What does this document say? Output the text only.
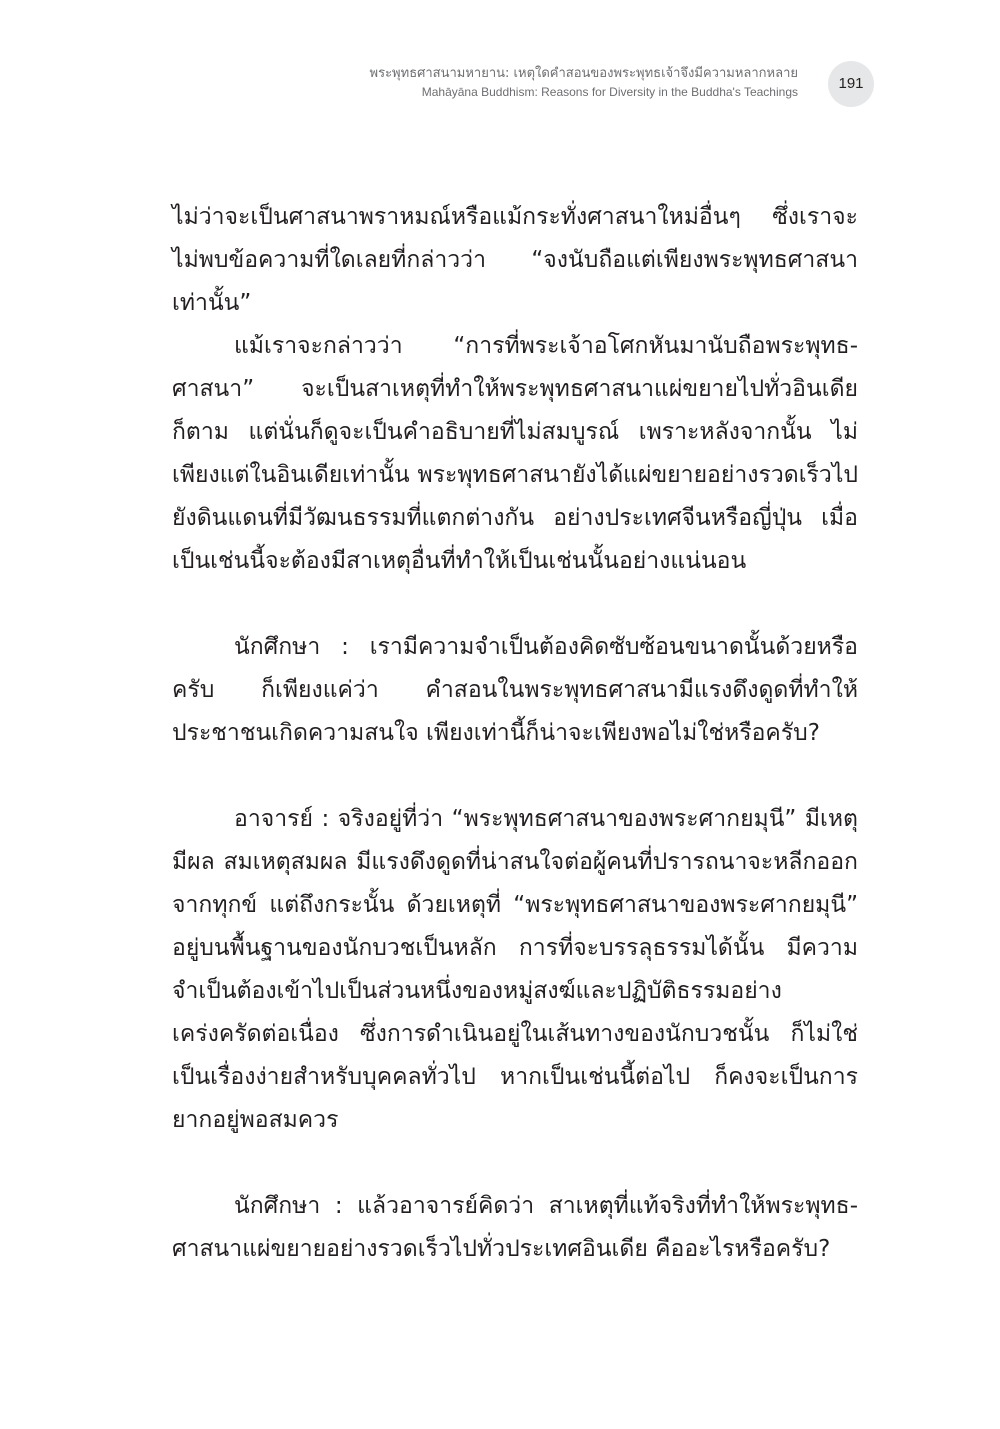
พระพุทธศาสนามหายาน: เหตุใดคำสอนของพระพุทธเจ้าจึงมีความหลากหลาย
Mahāyāna Buddhism: Reasons for Diversity in the Buddha's Teachings	191

ไม่ว่าจะเป็นศาสนาพราหมณ์หรือแม้กระทั่งศาสนาใหม่อื่นๆ ซึ่งเราจะไม่พบข้อความที่ใดเลยที่กล่าวว่า “จงนับถือแต่เพียงพระพุทธศาสนาเท่านั้น”

แม้เราจะกล่าวว่า “การที่พระเจ้าอโศกหันมานับถือพระพุทธ-ศาสนา” จะเป็นสาเหตุที่ทำให้พระพุทธศาสนาแผ่ขยายไปทั่วอินเดียก็ตาม แต่นั่นก็ดูจะเป็นคำอธิบายที่ไม่สมบูรณ์ เพราะหลังจากนั้น ไม่เพียงแต่ในอินเดียเท่านั้น พระพุทธศาสนายังได้แผ่ขยายอย่างรวดเร็วไปยังดินแดนที่มีวัฒนธรรมที่แตกต่างกัน อย่างประเทศจีนหรือญี่ปุ่น เมื่อเป็นเช่นนี้จะต้องมีสาเหตุอื่นที่ทำให้เป็นเช่นนั้นอย่างแน่นอน

นักศึกษา : เรามีความจำเป็นต้องคิดซับซ้อนขนาดนั้นด้วยหรือครับ ก็เพียงแค่ว่า คำสอนในพระพุทธศาสนามีแรงดึงดูดที่ทำให้ประชาชนเกิดความสนใจ เพียงเท่านี้ก็น่าจะเพียงพอไม่ใช่หรือครับ?

อาจารย์ : จริงอยู่ที่ว่า “พระพุทธศาสนาของพระศากยมุนี” มีเหตุมีผล สมเหตุสมผล มีแรงดึงดูดที่น่าสนใจต่อผู้คนที่ปรารถนาจะหลีกออกจากทุกข์ แต่ถึงกระนั้น ด้วยเหตุที่ “พระพุทธศาสนาของพระศากยมุนี” อยู่บนพื้นฐานของนักบวชเป็นหลัก การที่จะบรรลุธรรมได้นั้น มีความจำเป็นต้องเข้าไปเป็นส่วนหนึ่งของหมู่สงฆ์และปฏิบัติธรรมอย่างเคร่งครัดต่อเนื่อง ซึ่งการดำเนินอยู่ในเส้นทางของนักบวชนั้น ก็ไม่ใช่เป็นเรื่องง่ายสำหรับบุคคลทั่วไป หากเป็นเช่นนี้ต่อไป ก็คงจะเป็นการยากอยู่พอสมควร

นักศึกษา : แล้วอาจารย์คิดว่า สาเหตุที่แท้จริงที่ทำให้พระพุทธ-ศาสนาแผ่ขยายอย่างรวดเร็วไปทั่วประเทศอินเดีย คืออะไรหรือครับ?
